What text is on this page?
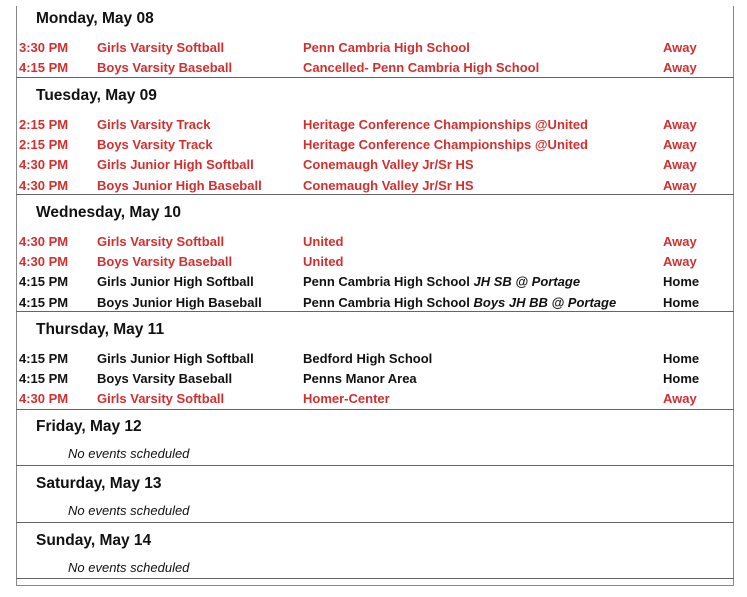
Monday, May 08
3:30 PM Girls Varsity Softball	Penn Cambria High School	Away
4:15 PM Boys Varsity Baseball	Cancelled- Penn Cambria High School	Away
Tuesday, May 09
2:15 PM Girls Varsity Track	Heritage Conference Championships @United	Away
2:15 PM Boys Varsity Track	Heritage Conference Championships @United	Away
4:30 PM Girls Junior High Softball	Conemaugh Valley Jr/Sr HS	Away
4:30 PM Boys Junior High Baseball	Conemaugh Valley Jr/Sr HS	Away
Wednesday, May 10
4:30 PM Girls Varsity Softball	United	Away
4:30 PM Boys Varsity Baseball	United	Away
4:15 PM Girls Junior High Softball	Penn Cambria High School JH SB @ Portage	Home
4:15 PM Boys Junior High Baseball	Penn Cambria High School Boys JH BB @ Portage	Home
Thursday, May 11
4:15 PM Girls Junior High Softball	Bedford High School	Home
4:15 PM Boys Varsity Baseball	Penns Manor Area	Home
4:30 PM Girls Varsity Softball	Homer-Center	Away
Friday, May 12
No events scheduled
Saturday, May 13
No events scheduled
Sunday, May 14
No events scheduled
